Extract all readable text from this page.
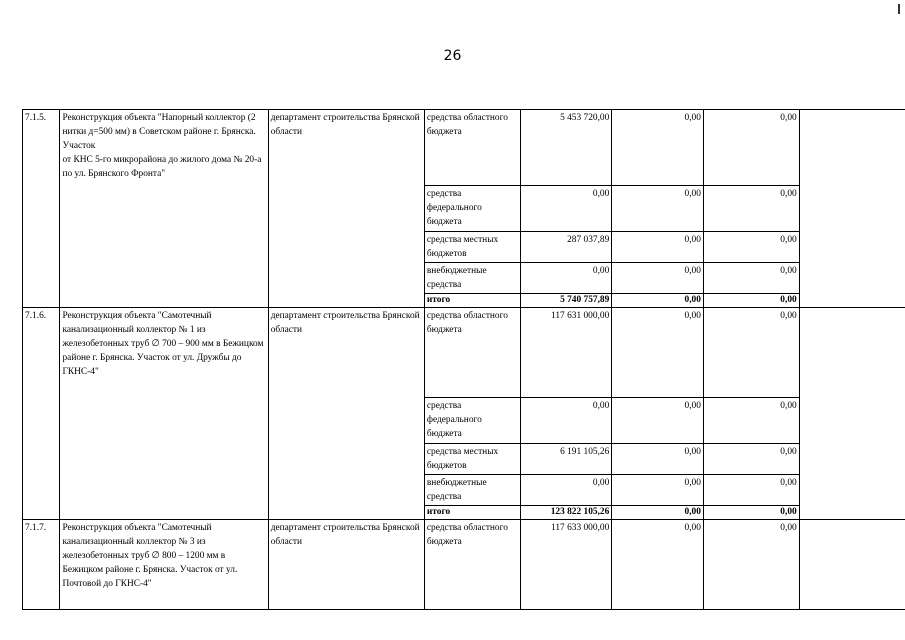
26
7.1.5.	Реконструкция объекта "Напорный коллектор (2 нитки д=500 мм) в Советском районе г. Брянска. Участок
от КНС 5-го микрорайона до жилого дома № 20-а по ул. Брянского Фронта"	департамент строительства Брянской области	средства областного бюджета	5 453 720,00	0,00	0,00	
			средства федерального бюджета	0,00	0,00	0,00	
			средства местных бюджетов	287 037,89	0,00	0,00	
			внебюджетные средства	0,00	0,00	0,00	
			итого	5 740 757,89	0,00	0,00	
7.1.6.	Реконструкция объекта "Самотечный канализационный коллектор № 1 из железобетонных труб ∅ 700 – 900 мм в Бежицком районе г. Брянска. Участок от ул. Дружбы до ГКНС-4"	департамент строительства Брянской области	средства областного бюджета	117 631 000,00	0,00	0,00	
			средства федерального бюджета	0,00	0,00	0,00	
			средства местных бюджетов	6 191 105,26	0,00	0,00	
			внебюджетные средства	0,00	0,00	0,00	
			итого	123 822 105,26	0,00	0,00	
7.1.7.	Реконструкция объекта "Самотечный канализационный коллектор № 3 из железобетонных труб ∅ 800 – 1200 мм в Бежицком районе г. Брянска. Участок от ул. Почтовой до ГКНС-4"	департамент строительства Брянской области	средства областного бюджета	117 633 000,00	0,00	0,00	
